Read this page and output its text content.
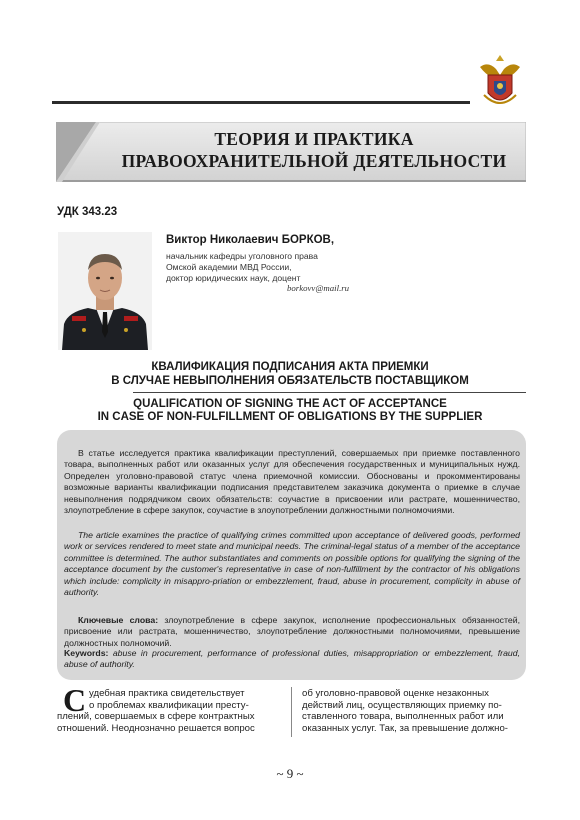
ТЕОРИЯ И ПРАКТИКА
ПРАВООХРАНИТЕЛЬНОЙ ДЕЯТЕЛЬНОСТИ
УДК 343.23
Виктор Николаевич БОРКОВ,
начальник кафедры уголовного права
Омской академии МВД России,
доктор юридических наук, доцент
borkovv@mail.ru
КВАЛИФИКАЦИЯ ПОДПИСАНИЯ АКТА ПРИЕМКИ
В СЛУЧАЕ НЕВЫПОЛНЕНИЯ ОБЯЗАТЕЛЬСТВ ПОСТАВЩИКОМ
QUALIFICATION OF SIGNING THE ACT OF ACCEPTANCE
IN CASE OF NON-FULFILLMENT OF OBLIGATIONS BY THE SUPPLIER
В статье исследуется практика квалификации преступлений, совершаемых при приемке поставленного товара, выполненных работ или оказанных услуг для обеспечения государственных и муниципальных нужд. Определен уголовно-правовой статус члена приемочной комиссии. Обоснованы и прокомментированы возможные варианты квалификации подписания представителем заказчика документа о приемке в случае невыполнения подрядчиком своих обязательств: соучастие в присвоении или растрате, мошенничество, злоупотребление в сфере закупок, соучастие в злоупотреблении должностными полномочиями.
The article examines the practice of qualifying crimes committed upon acceptance of delivered goods, performed work or services rendered to meet state and municipal needs. The criminal-legal status of a member of the acceptance committee is determined. The author substantiates and comments on possible options for qualifying the signing of the acceptance document by the customer's representative in case of non-fulfillment by the contractor of his obligations which include: complicity in misappro-priation or embezzlement, fraud, abuse in procurement, complicity in abuse of authority.
Ключевые слова: злоупотребление в сфере закупок, исполнение профессиональных обязанностей, присвоение или растрата, мошенничество, злоупотребление должностными полномочиями, превышение должностных полномочий.
Keywords: abuse in procurement, performance of professional duties, misappropriation or embezzlement, fraud, abuse of authority.
С удебная практика свидетельствует
о проблемах квалификации престу-
плений, совершаемых в сфере контрактных
отношений. Неоднозначно решается вопрос
об уголовно-правовой оценке незаконных
действий лиц, осуществляющих приемку по-
ставленного товара, выполненных работ или
оказанных услуг. Так, за превышение должно-
~ 9 ~
